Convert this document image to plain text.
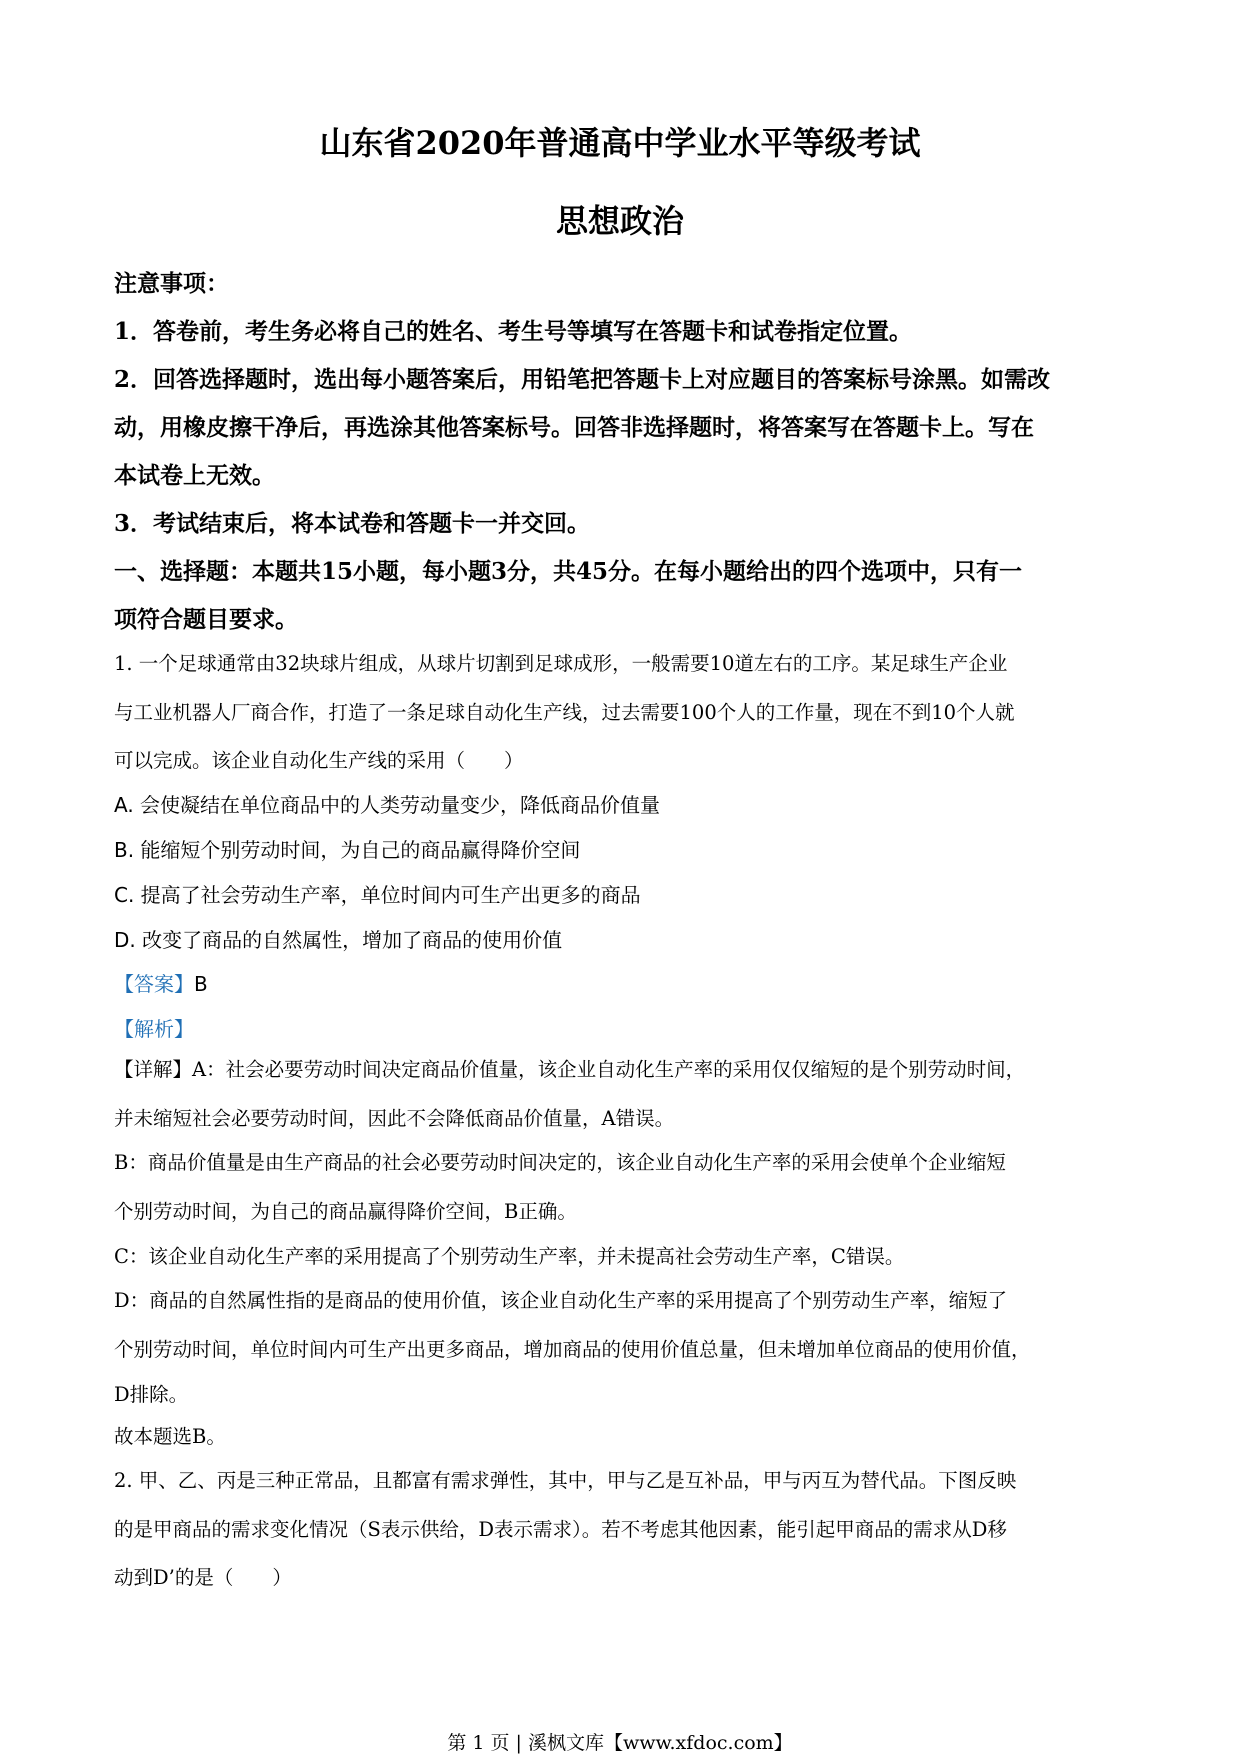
山东省2020年普通高中学业水平等级考试
思想政治
注意事项：
1．答卷前，考生务必将自己的姓名、考生号等填写在答题卡和试卷指定位置。
2．回答选择题时，选出每小题答案后，用铅笔把答题卡上对应题目的答案标号涂黑。如需改
动，用橡皮擦干净后，再选涂其他答案标号。回答非选择题时，将答案写在答题卡上。写在
本试卷上无效。
3．考试结束后，将本试卷和答题卡一并交回。
一、选择题：本题共15小题，每小题3分，共45分。在每小题给出的四个选项中，只有一
项符合题目要求。
1. 一个足球通常由32块球片组成，从球片切割到足球成形，一般需要10道左右的工序。某足球生产企业
与工业机器人厂商合作，打造了一条足球自动化生产线，过去需要100个人的工作量，现在不到10个人就
可以完成。该企业自动化生产线的采用（　　）
A. 会使凝结在单位商品中的人类劳动量变少，降低商品价值量
B. 能缩短个别劳动时间，为自己的商品赢得降价空间
C. 提高了社会劳动生产率，单位时间内可生产出更多的商品
D. 改变了商品的自然属性，增加了商品的使用价值
【答案】B
【解析】
【详解】A：社会必要劳动时间决定商品价值量，该企业自动化生产率的采用仅仅缩短的是个别劳动时间，
并未缩短社会必要劳动时间，因此不会降低商品价值量，A错误。
B：商品价值量是由生产商品的社会必要劳动时间决定的，该企业自动化生产率的采用会使单个企业缩短
个别劳动时间，为自己的商品赢得降价空间，B正确。
C：该企业自动化生产率的采用提高了个别劳动生产率，并未提高社会劳动生产率，C错误。
D：商品的自然属性指的是商品的使用价值，该企业自动化生产率的采用提高了个别劳动生产率，缩短了
个别劳动时间，单位时间内可生产出更多商品，增加商品的使用价值总量，但未增加单位商品的使用价值，
D排除。
故本题选B。
2. 甲、乙、丙是三种正常品，且都富有需求弹性，其中，甲与乙是互补品，甲与丙互为替代品。下图反映
的是甲商品的需求变化情况（S表示供给，D表示需求）。若不考虑其他因素，能引起甲商品的需求从D移
动到D’的是（　　）
第 1 页 | 溪枫文库【www.xfdoc.com】
